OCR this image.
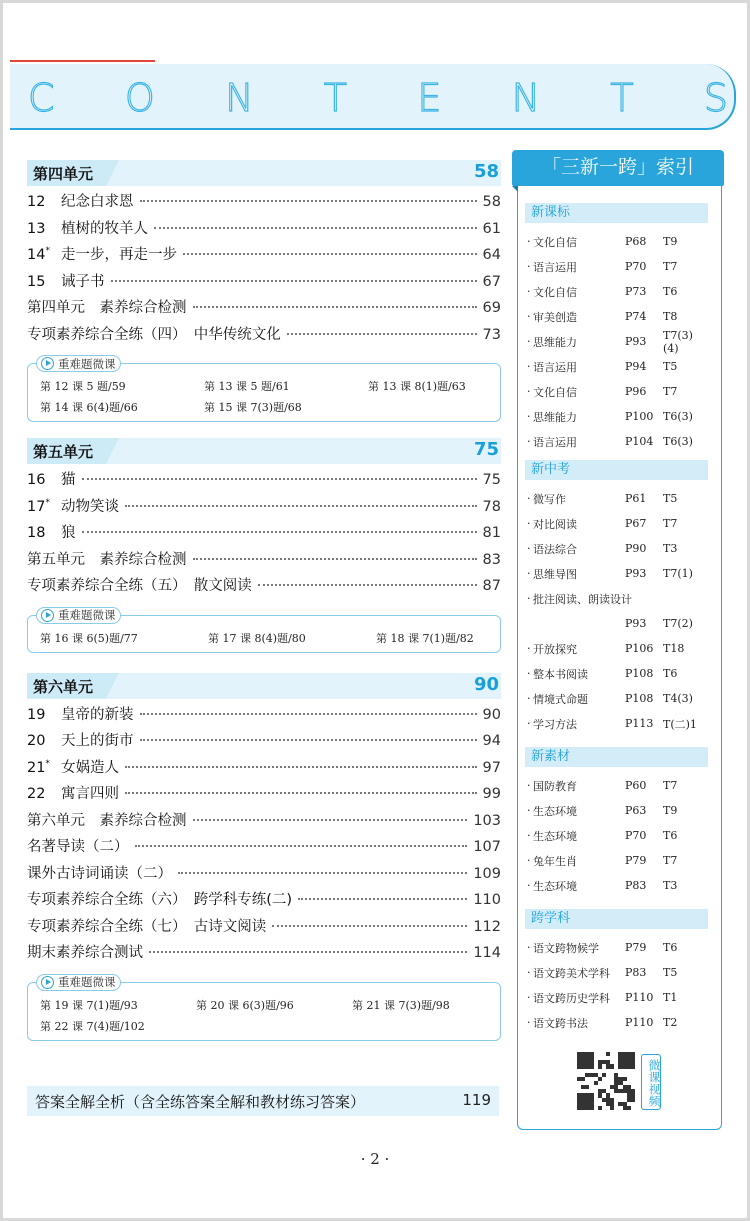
C O N T E N T S
第四单元	58
12	纪念白求恩	58
13	植树的牧羊人	61
14* 走一步，再走一步	64
15	诫子书	67
第四单元　素养综合检测	69
专项素养综合全练（四）　中华传统文化	73
重难题微课
第 12 课 5 题/59	第 13 课 5 题/61	第 13 课 8(1)题/63
第 14 课 6(4)题/66	第 15 课 7(3)题/68
第五单元	75
16	猫	75
17* 动物笑谈	78
18	狼	81
第五单元　素养综合检测	83
专项素养综合全练（五）　散文阅读	87
重难题微课
第 16 课 6(5)题/77	第 17 课 8(4)题/80	第 18 课 7(1)题/82
第六单元	90
19	皇帝的新装	90
20	天上的街市	94
21* 女娲造人	97
22	寓言四则	99
第六单元　素养综合检测	103
名著导读（二）	107
课外古诗词诵读（二）	109
专项素养综合全练（六）　跨学科专练(二)	110
专项素养综合全练（七）　古诗文阅读	112
期末素养综合测试	114
重难题微课
第 19 课 7(1)题/93	第 20 课 6(3)题/96	第 21 课 7(3)题/98
第 22 课 7(4)题/102
答案全解全析（含全练答案全解和教材练习答案）	119
· 2 ·
「三新一跨」索引
新课标
· 文化自信	P68	T9
· 语言运用	P70	T7
· 文化自信	P73	T6
· 审美创造	P74	T8
· 思维能力	P93	T7(3)(4)
· 语言运用	P94	T5
· 文化自信	P96	T7
· 思维能力	P100 T6(3)
· 语言运用	P104 T6(3)
新中考
· 微写作	P61	T5
· 对比阅读	P67	T7
· 语法综合	P90	T3
· 思维导图	P93	T7(1)
· 批注阅读、朗读设计
P93	T7(2)
· 开放探究	P106 T18
· 整本书阅读	P108 T6
· 情境式命题	P108 T4(3)
· 学习方法	P113 T(二)1
新素材
· 国防教育	P60	T7
· 生态环境	P63	T9
· 生态环境	P70	T6
· 兔年生肖	P79	T7
· 生态环境	P83	T3
跨学科
· 语文跨物候学	P79	T6
· 语文跨美术学科	P83	T5
· 语文跨历史学科	P110 T1
· 语文跨书法	P110 T2
微课视频
